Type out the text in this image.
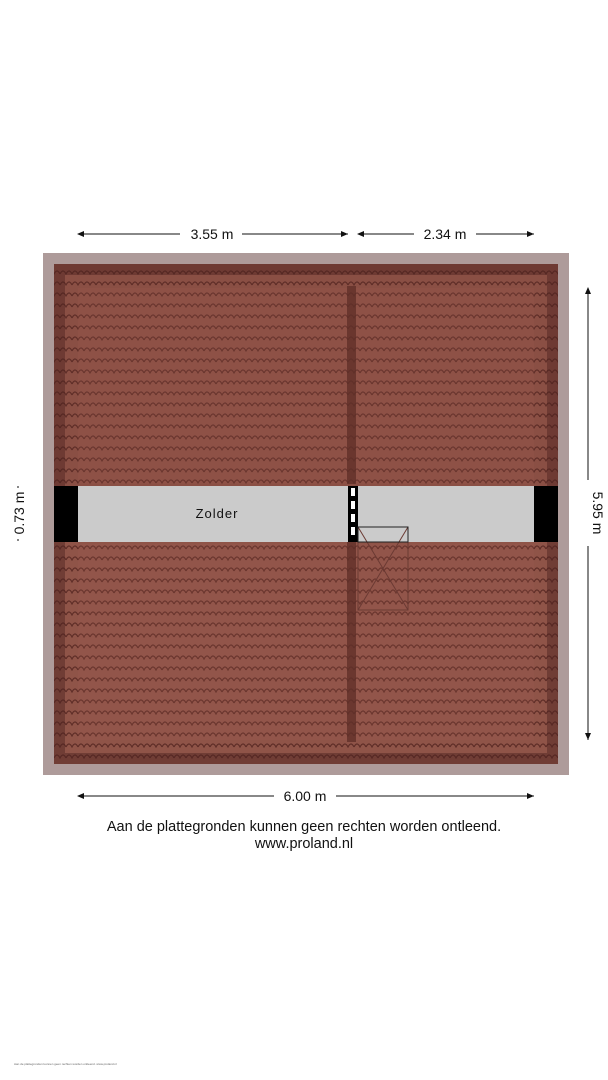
Zolder
3.55 m	2.34 m
6.00 m
5.95 m
0.73 m
Aan de plattegronden kunnen geen rechten worden ontleend.
www.proland.nl
Aan de plattegronden kunnen geen rechten worden ontleend. www.proland.nl
